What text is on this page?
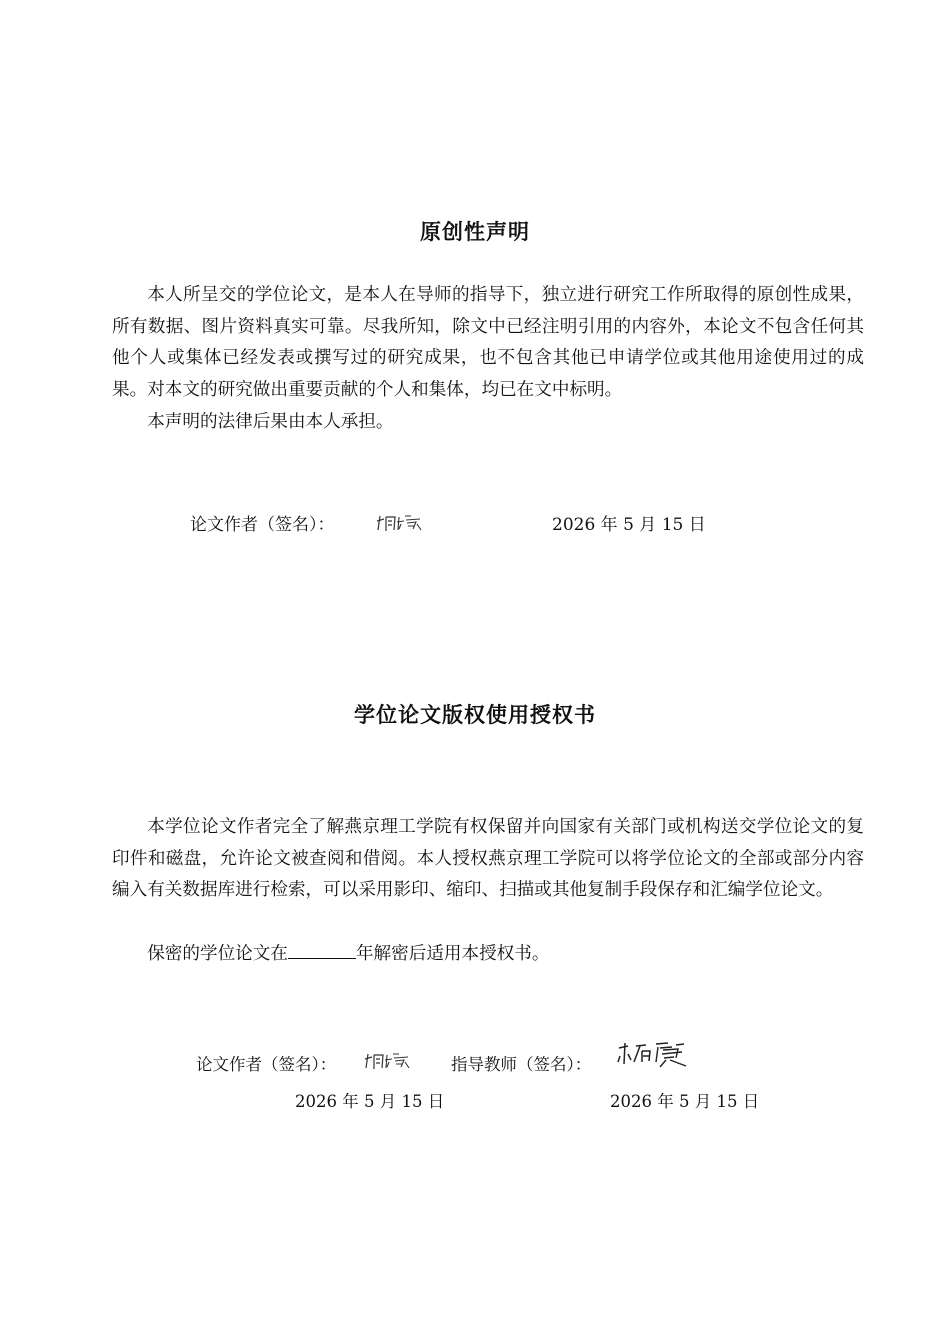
原创性声明

本人所呈交的学位论文，是本人在导师的指导下，独立进行研究工作所取得的原创性成果，所有数据、图片资料真实可靠。尽我所知，除文中已经注明引用的内容外，本论文不包含任何其他个人或集体已经发表或撰写过的研究成果，也不包含其他已申请学位或其他用途使用过的成果。对本文的研究做出重要贡献的个人和集体，均已在文中标明。

本声明的法律后果由本人承担。

论文作者（签名）：	2026 年 5 月 15 日

学位论文版权使用授权书

本学位论文作者完全了解燕京理工学院有权保留并向国家有关部门或机构送交学位论文的复印件和磁盘，允许论文被查阅和借阅。本人授权燕京理工学院可以将学位论文的全部或部分内容编入有关数据库进行检索，可以采用影印、缩印、扫描或其他复制手段保存和汇编学位论文。

保密的学位论文在	年解密后适用本授权书。

论文作者（签名）：	指导教师（签名）：

2026 年 5 月 15 日	2026 年 5 月 15 日
